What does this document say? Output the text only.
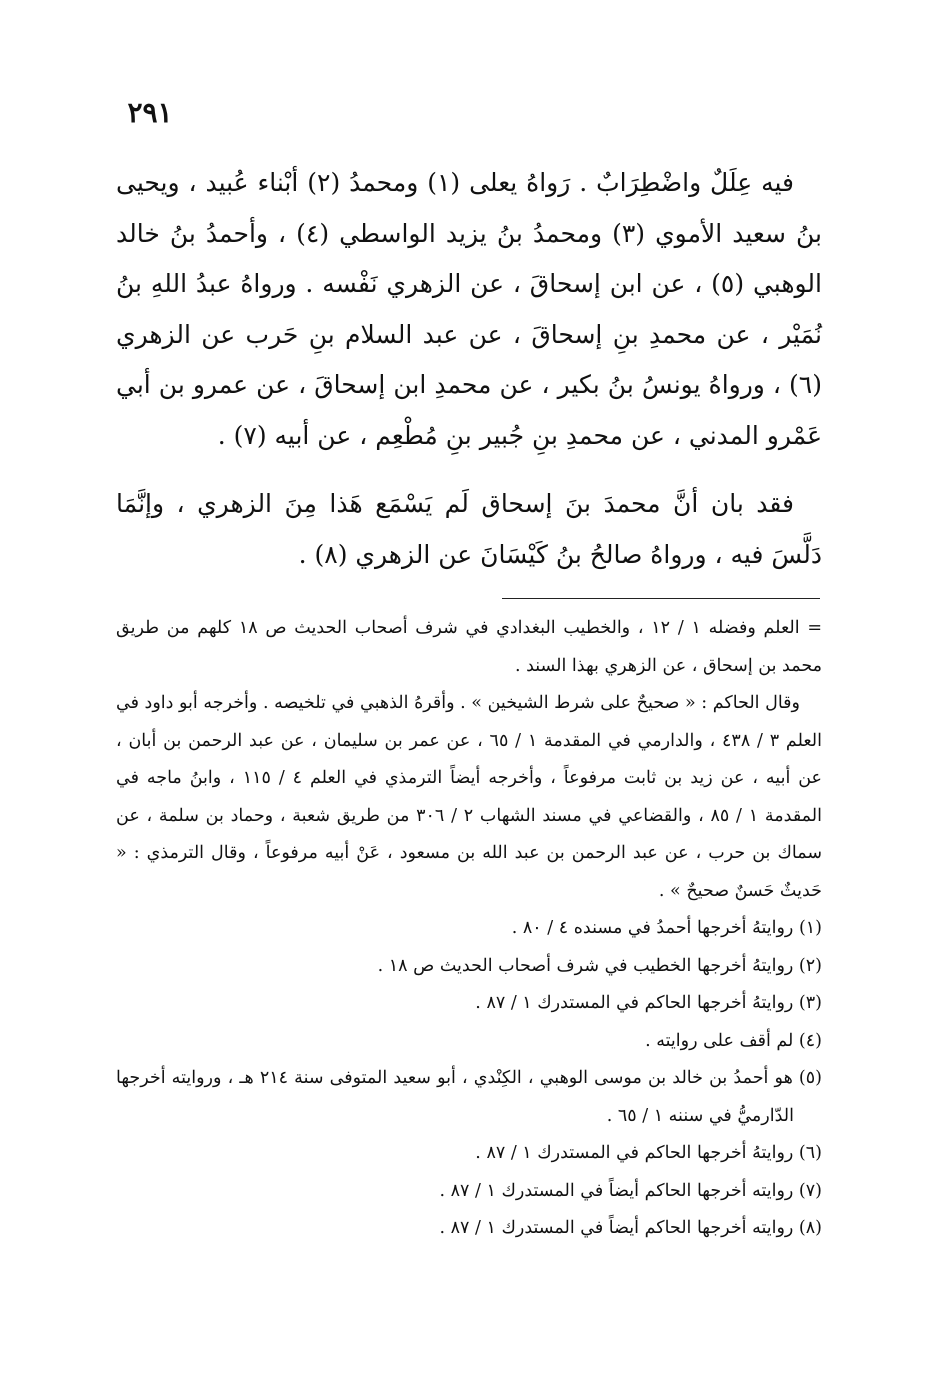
٢٩١

فيه عِلَلٌ واضْطِرَابٌ . رَواهُ يعلى (١) ومحمدُ (٢) أبْناء عُبيد ، ويحيى بنُ سعيد الأموي (٣) ومحمدُ بنُ يزيد الواسطي (٤) ، وأحمدُ بنُ خالد الوهبي (٥) ، عن ابن إسحاقَ ، عن الزهري نَفْسه . ورواهُ عبدُ اللهِ بنُ نُمَيْر ، عن محمدِ بنِ إسحاقَ ، عن عبد السلام بنِ حَرب عن الزهري (٦) ، ورواهُ يونسُ بنُ بكير ، عن محمدِ ابن إسحاقَ ، عن عمرو بن أبي عَمْرو المدني ، عن محمدِ بنِ جُبير بنِ مُطْعِم ، عن أبيه (٧) .

فقد بان أنَّ محمدَ بنَ إسحاق لَم يَسْمَع هَذا مِنَ الزهري ، وإنَّمَا دَلَّسَ فيه ، ورواهُ صالحُ بنُ كَيْسَانَ عن الزهري (٨) .

= العلم وفضله ١ / ١٢ ، والخطيب البغدادي في شرف أصحاب الحديث ص ١٨ كلهم من طريق محمد بن إسحاق ، عن الزهري بهذا السند .

وقال الحاكم : « صحيحٌ على شرط الشيخين » . وأقرهُ الذهبي في تلخيصه . وأخرجه أبو داود في العلم ٣ / ٤٣٨ ، والدارمي في المقدمة ١ / ٦٥ ، عن عمر بن سليمان ، عن عبد الرحمن بن أبان ، عن أبيه ، عن زيد بن ثابت مرفوعاً ، وأخرجه أيضاً الترمذي في العلم ٤ / ١١٥ ، وابنُ ماجه في المقدمة ١ / ٨٥ ، والقضاعي في مسند الشهاب ٢ / ٣٠٦ من طريق شعبة ، وحماد بن سلمة ، عن سماك بن حرب ، عن عبد الرحمن بن عبد الله بن مسعود ، عَنْ أبيه مرفوعاً ، وقال الترمذي : « حَديثٌ حَسنٌ صحيحٌ » .

(١) روايتهُ أخرجها أحمدُ في مسنده ٤ / ٨٠ .

(٢) روايتهُ أخرجها الخطيب في شرف أصحاب الحديث ص ١٨ .

(٣) روايتهُ أخرجها الحاكم في المستدرك ١ / ٨٧ .

(٤) لم أقف على روايته .

(٥) هو أحمدُ بن خالد بن موسى الوهبي ، الكِنْدي ، أبو سعيد المتوفى سنة ٢١٤ هـ ، وروايته أخرجها الدّارميُّ في سننه ١ / ٦٥ .

(٦) روايتهُ أخرجها الحاكم في المستدرك ١ / ٨٧ .

(٧) روايته أخرجها الحاكم أيضاً في المستدرك ١ / ٨٧ .

(٨) روايته أخرجها الحاكم أيضاً في المستدرك ١ / ٨٧ .
